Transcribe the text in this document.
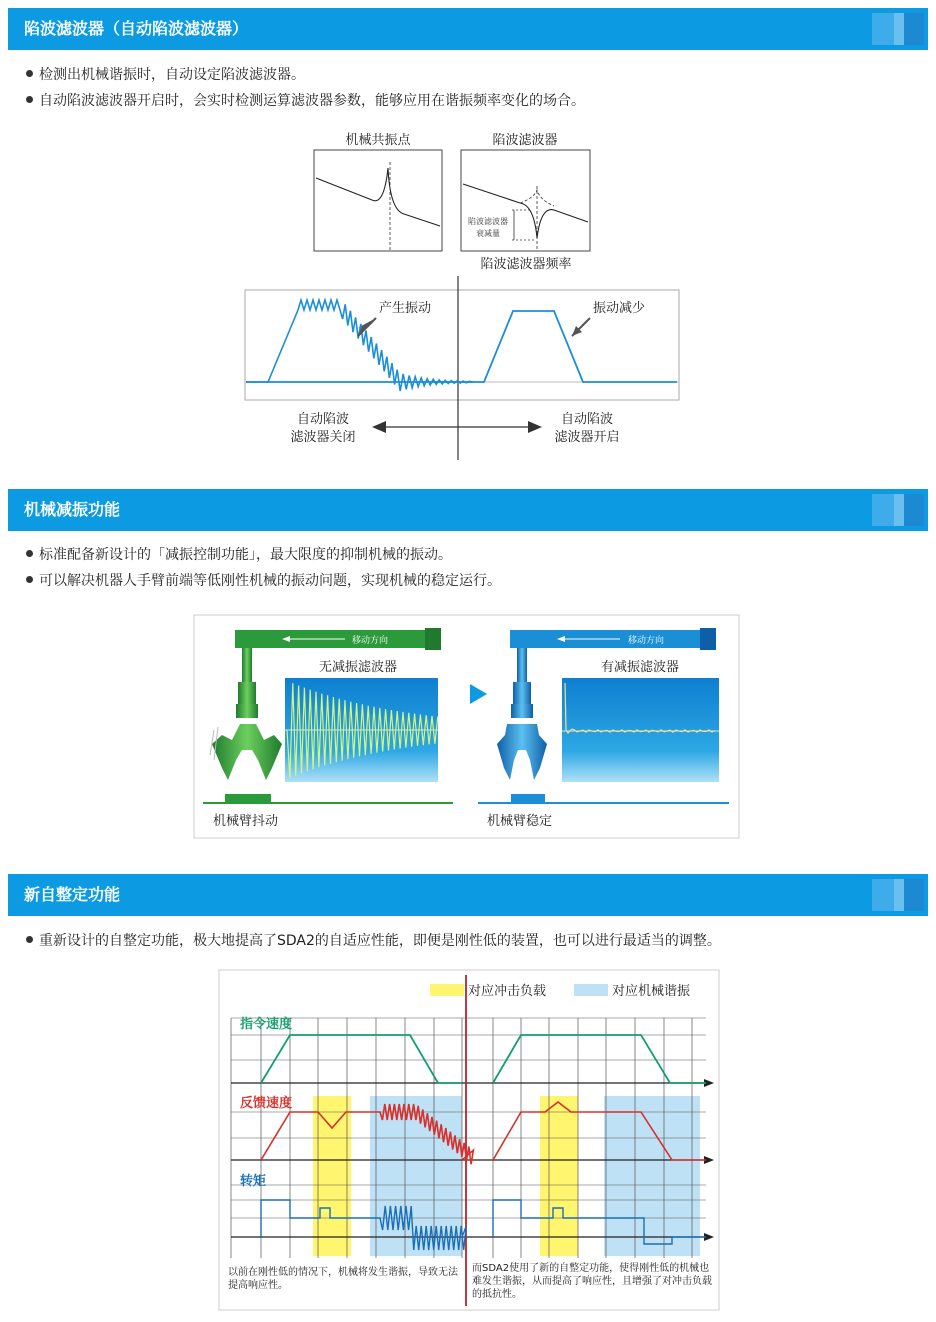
陷波滤波器（自动陷波滤波器）
检测出机械谐振时，自动设定陷波滤波器。
自动陷波滤波器开启时，会实时检测运算滤波器参数，能够应用在谐振频率变化的场合。
机械共振点	陷波滤波器
陷波滤波器
衰减量
陷波滤波器频率
产生振动	振动减少
自动陷波
滤波器关闭
自动陷波
滤波器开启
机械减振功能
标准配备新设计的「减振控制功能」，最大限度的抑制机械的振动。
可以解决机器人手臂前端等低刚性机械的振动问题，实现机械的稳定运行。
移动方向
无减振滤波器
机械臂抖动
移动方向
有减振滤波器
机械臂稳定
新自整定功能
重新设计的自整定功能，极大地提高了SDA2的自适应性能，即便是刚性低的装置，也可以进行最适当的调整。
对应冲击负载	对应机械谐振
指令速度
反馈速度
转矩
以前在刚性低的情况下，机械将发生谐振，导致无法提高响应性。
而SDA2使用了新的自整定功能，使得刚性低的机械也难发生谐振，从而提高了响应性，且增强了对冲击负载的抵抗性。
